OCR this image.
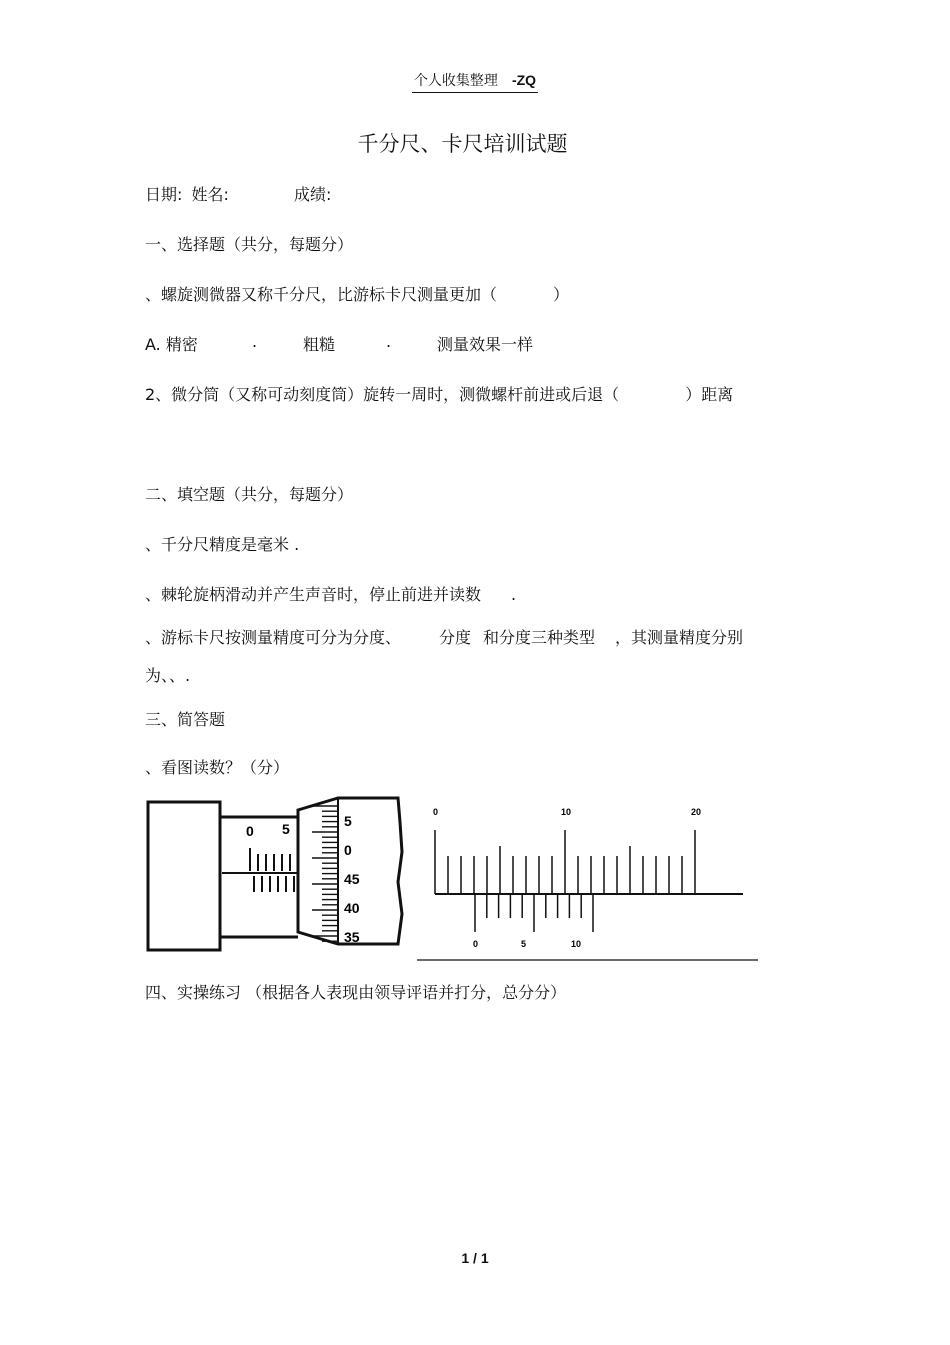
个人收集整理 -ZQ
千分尺、卡尺培训试题
日期: 姓名:	成绩:
一、选择题（共分，每题分）
、螺旋测微器又称千分尺，比游标卡尺测量更加（	）
A. 精密	.	粗糙	.	测量效果一样
2、微分筒（又称可动刻度筒）旋转一周时，测微螺杆前进或后退（	）距离
二、填空题（共分，每题分）
、千分尺精度是毫米 .
、棘轮旋柄滑动并产生声音时，停止前进并读数 .
、游标卡尺按测量精度可分为分度、 分度 和分度三种类型 ，其测量精度分别
为、、.
三、简答题
、看图读数？（分）
0 5	5
0
45
40
35
0	10	20
0	5	10
四、实操练习 （根据各人表现由领导评语并打分，总分分）
1 / 1
